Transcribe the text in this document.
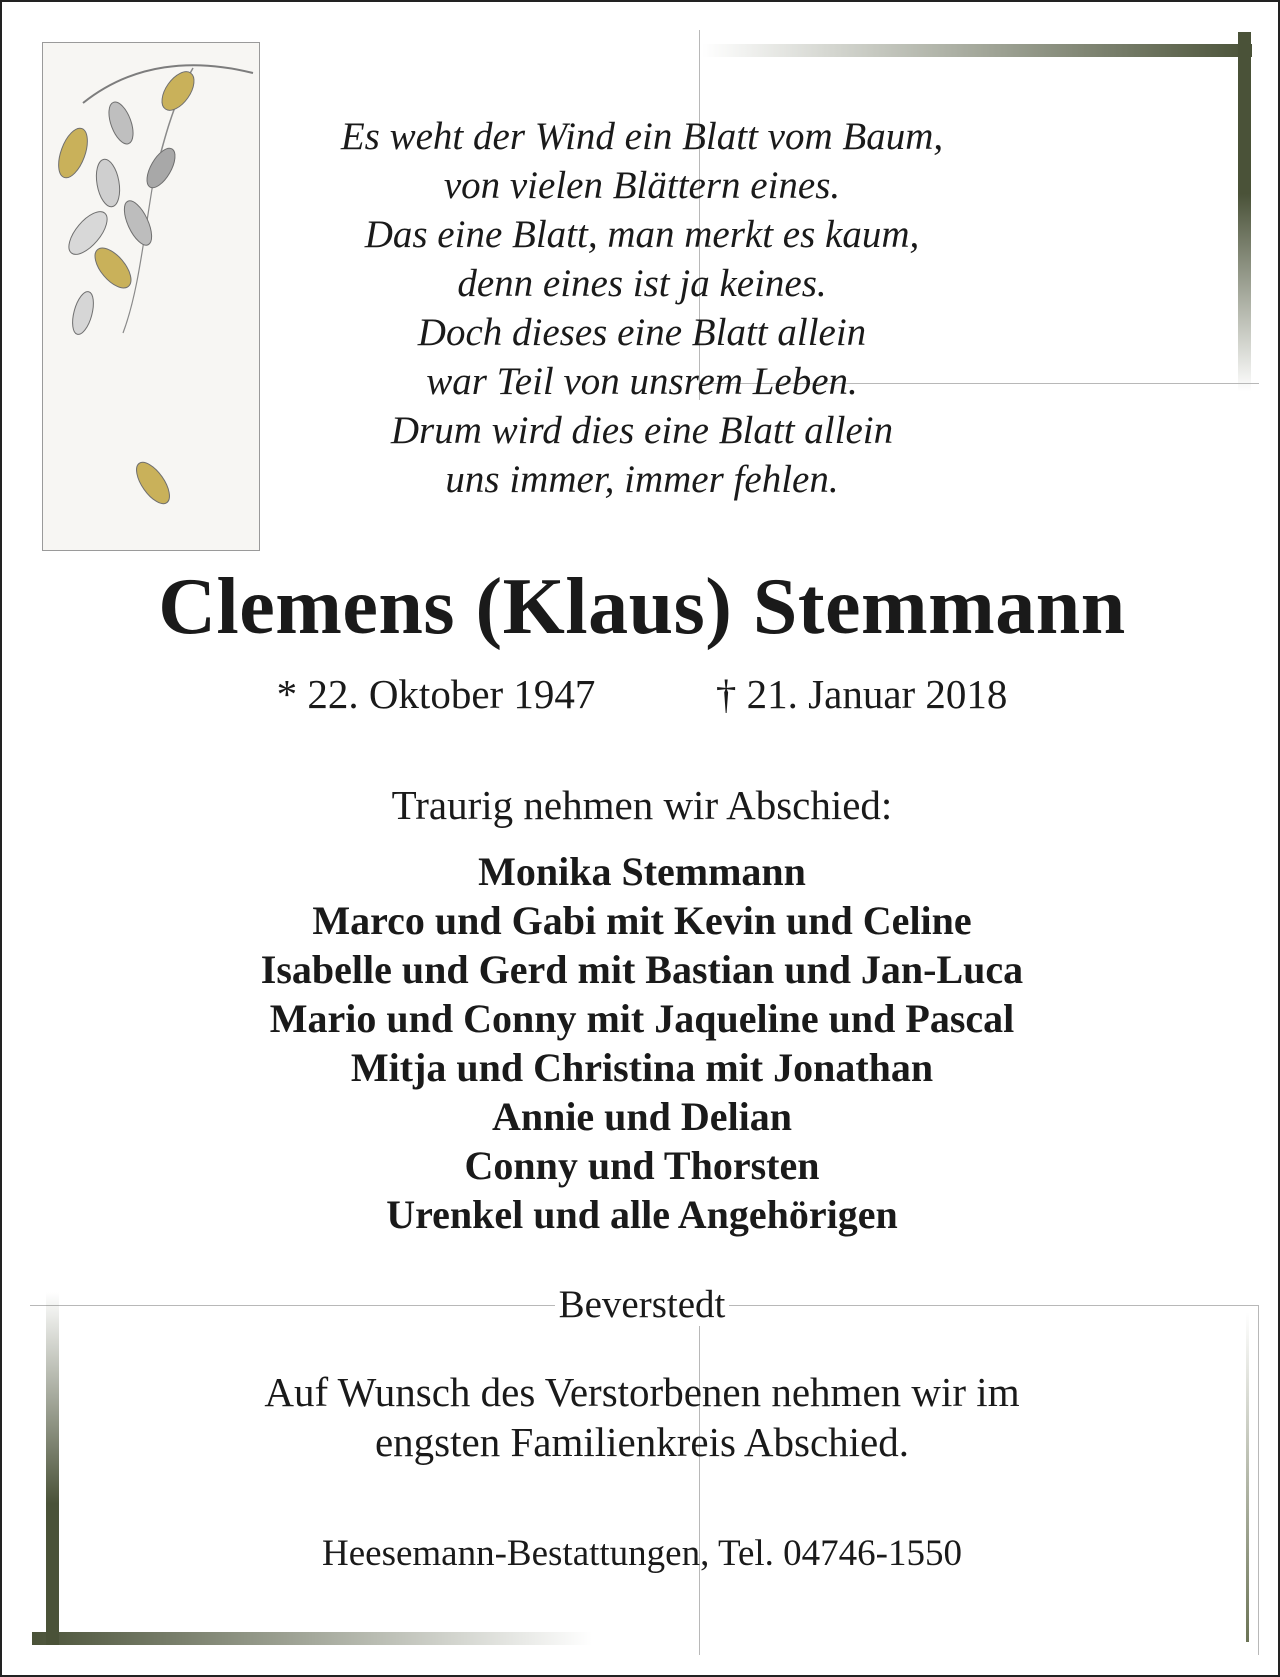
Es weht der Wind ein Blatt vom Baum,
von vielen Blättern eines.
Das eine Blatt, man merkt es kaum,
denn eines ist ja keines.
Doch dieses eine Blatt allein
war Teil von unsrem Leben.
Drum wird dies eine Blatt allein
uns immer, immer fehlen.
Clemens (Klaus) Stemmann
* 22. Oktober 1947	† 21. Januar 2018
Traurig nehmen wir Abschied:
Monika Stemmann
Marco und Gabi mit Kevin und Celine
Isabelle und Gerd mit Bastian und Jan-Luca
Mario und Conny mit Jaqueline und Pascal
Mitja und Christina mit Jonathan
Annie und Delian
Conny und Thorsten
Urenkel und alle Angehörigen
Beverstedt
Auf Wunsch des Verstorbenen nehmen wir im
engsten Familienkreis Abschied.
Heesemann-Bestattungen, Tel. 04746-1550
